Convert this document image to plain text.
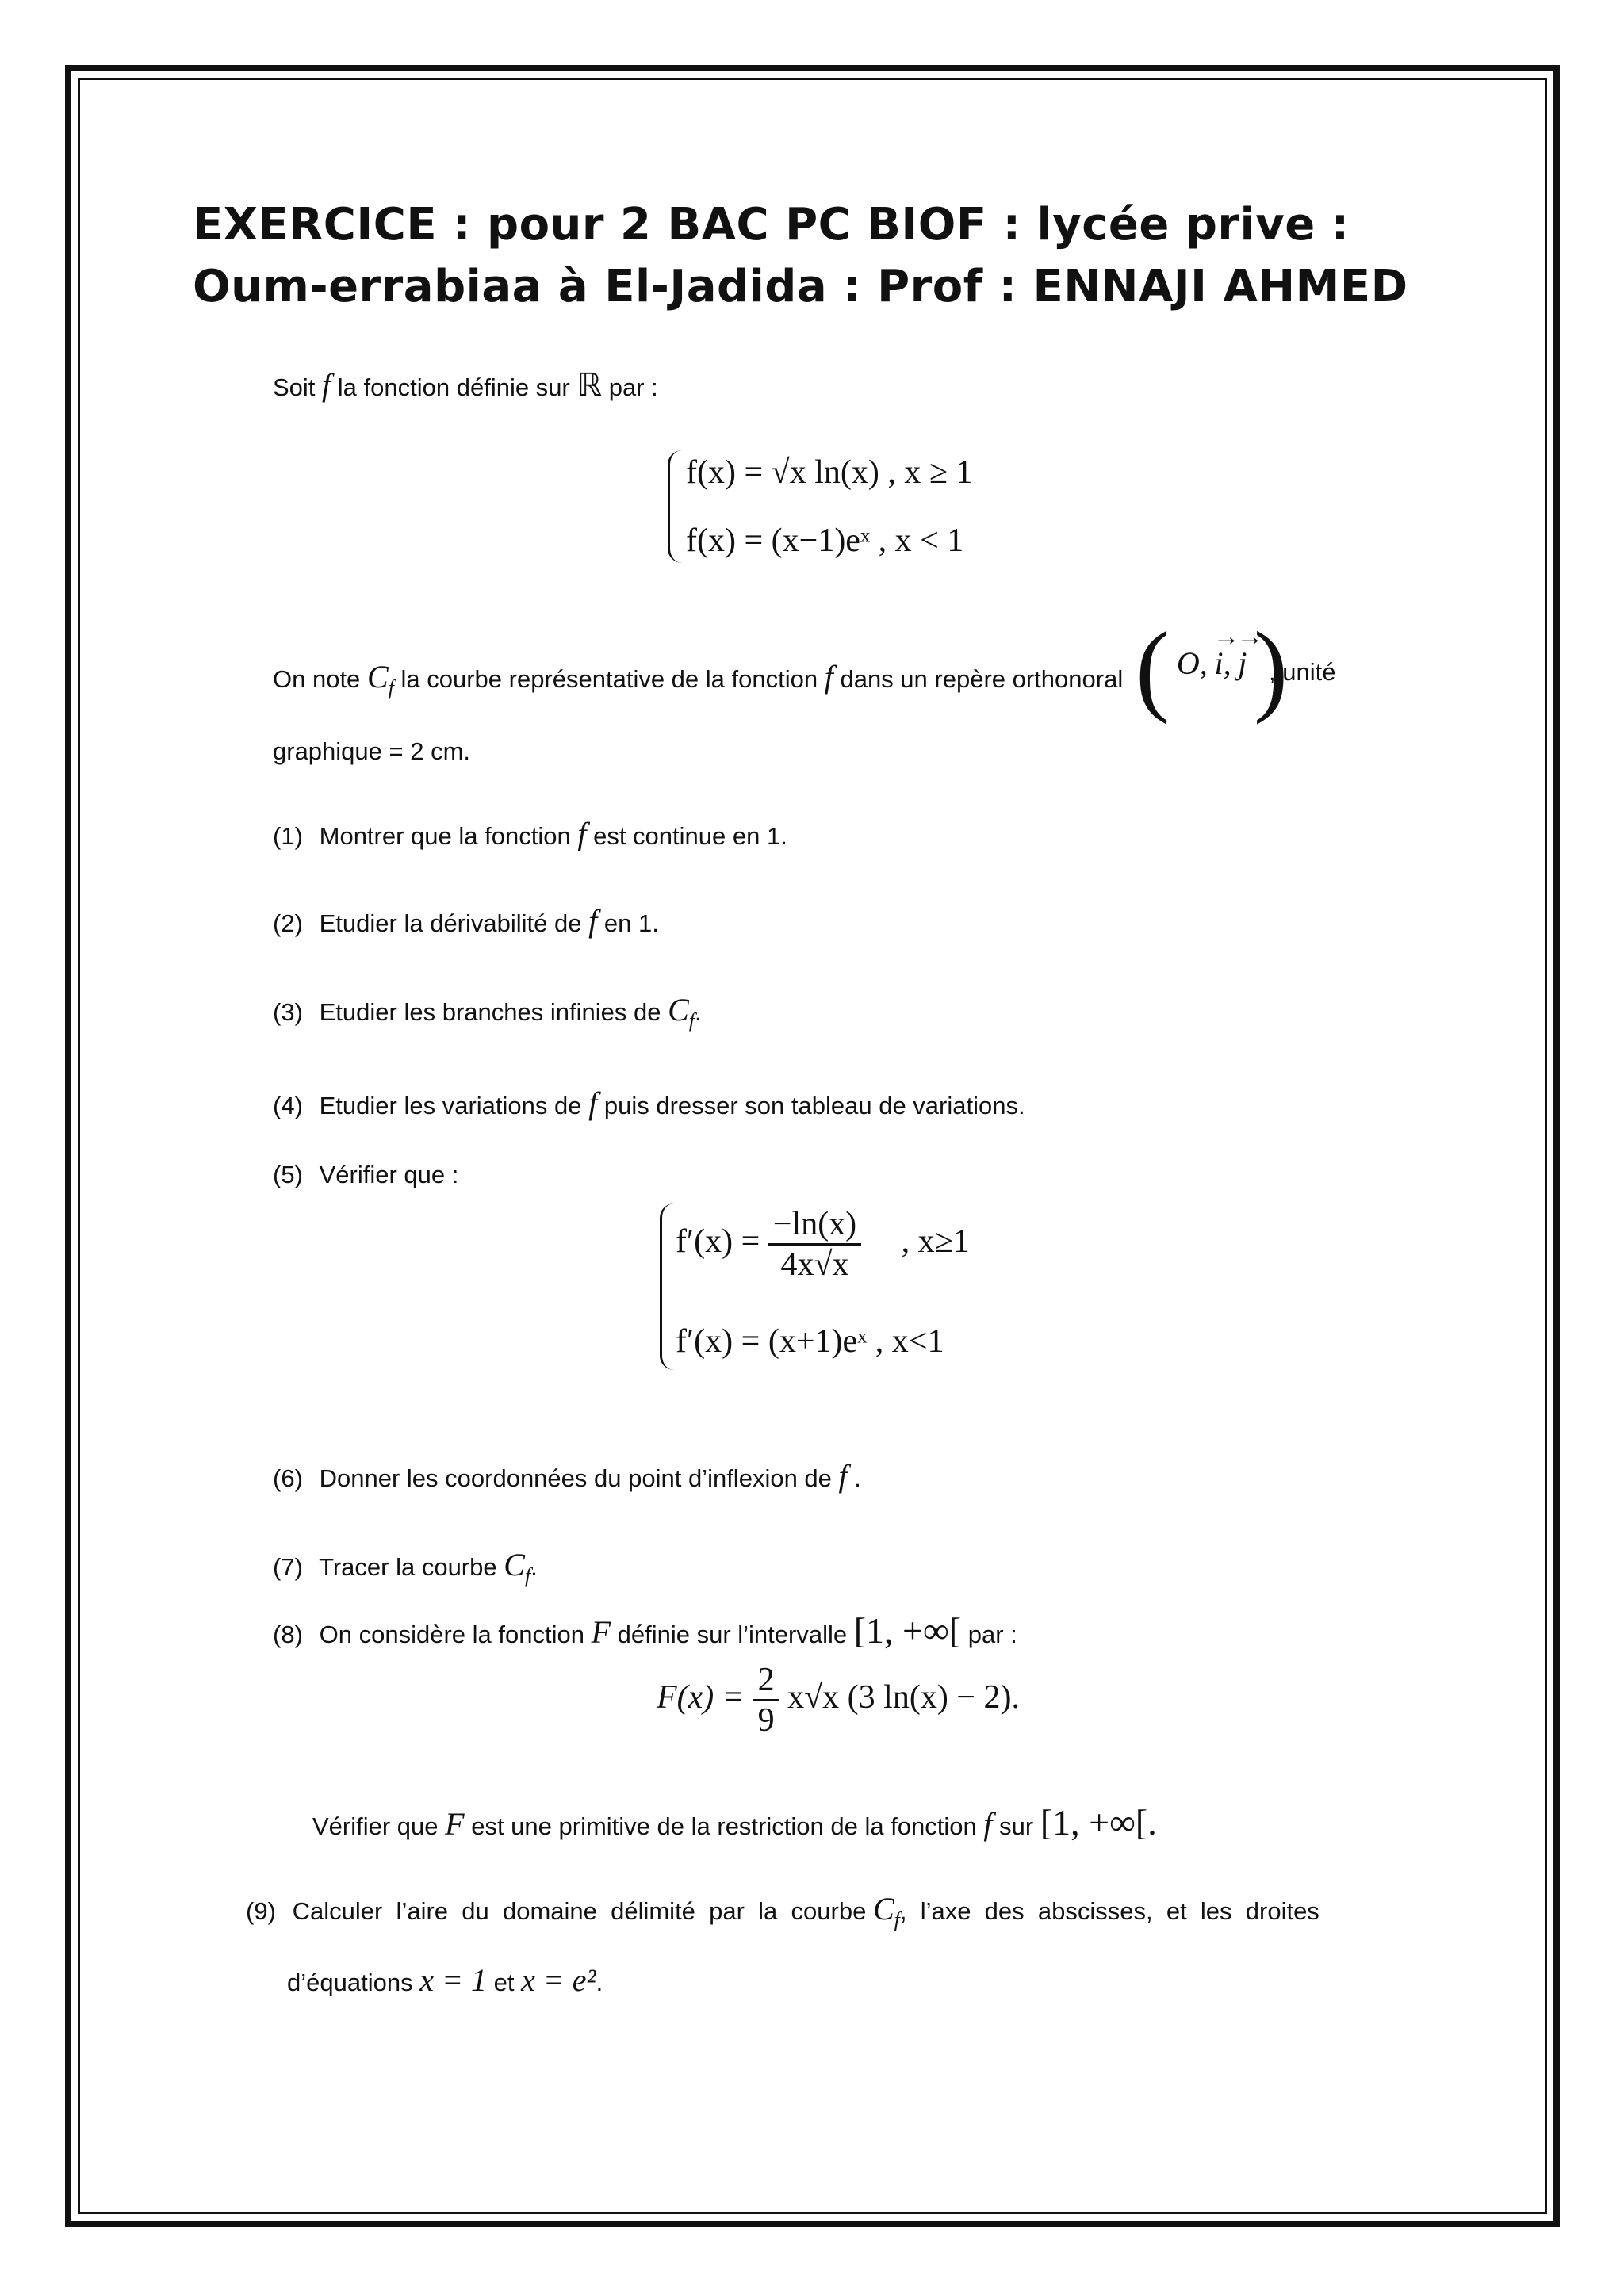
EXERCICE : pour 2 BAC PC BIOF : lycée prive : Oum-errabiaa à El-Jadida : Prof : ENNAJI AHMED
Soit f la fonction définie sur ℝ par :
f(x) = √x ln(x) , x ≥ 1
f(x) = (x−1)eˣ , x < 1
On note $C_f$ la courbe représentative de la fonction f dans un repère orthonoral ( O, → i, → j )
, unité
graphique = 2 cm.
(1) Montrer que la fonction f est continue en 1.
(2) Etudier la dérivabilité de f en 1.
(3) Etudier les branches infinies de $C_f$.
(4) Etudier les variations de f puis dresser son tableau de variations.
(5) Vérifier que :
$f'(x) = \frac{-\ln(x)}{4x√x}$ , x≥1
f′(x) = (x+1)eˣ , x<1
(6) Donner les coordonnées du point d’inflexion de f .
(7) Tracer la courbe $C_f$.
(8) On considère la fonction F définie sur l’intervalle [1, +∞[ par :
$F(x) = \frac{2}{9} x√x$ (3 ln(x) − 2).
Vérifier que F est une primitive de la restriction de la fonction f sur [1, +∞[.
(9) Calculer  l’aire  du  domaine  délimité  par  la  courbe $C_f$,  l’axe  des  abscisses,  et  les  droites
d’équations x = 1 et x = e².
